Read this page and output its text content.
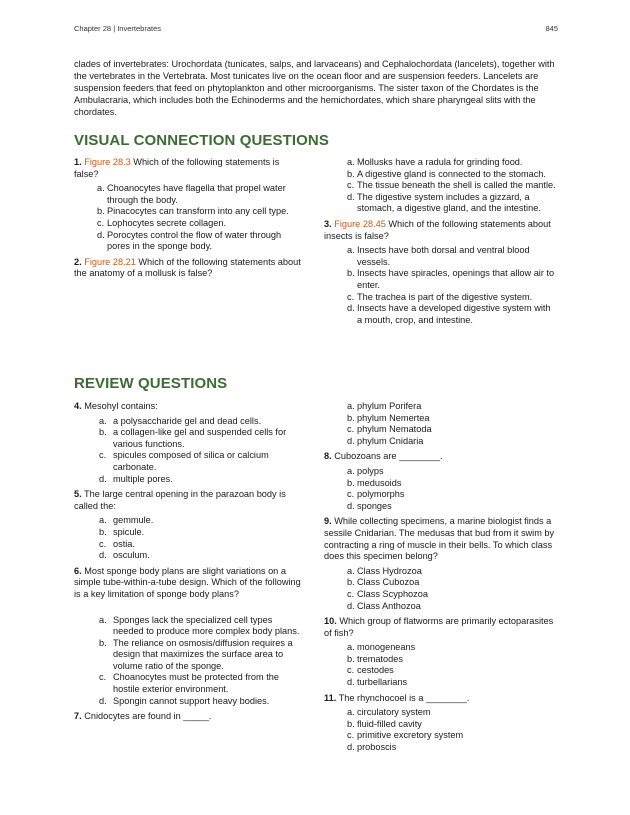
Chapter 28 | Invertebrates	845

clades of invertebrates: Urochordata (tunicates, salps, and larvaceans) and Cephalochordata (lancelets), together with the vertebrates in the Vertebrata. Most tunicates live on the ocean floor and are suspension feeders. Lancelets are suspension feeders that feed on phytoplankton and other microorganisms. The sister taxon of the Chordates is the Ambulacraria, which includes both the Echinoderms and the hemichordates, which share pharyngeal slits with the chordates.

VISUAL CONNECTION QUESTIONS

1. Figure 28.3 Which of the following statements is false?

a. Choanocytes have flagella that propel water through the body.
b. Pinacocytes can transform into any cell type.
c. Lophocytes secrete collagen.
d. Porocytes control the flow of water through pores in the sponge body.

2. Figure 28.21 Which of the following statements about the anatomy of a mollusk is false?

a. Mollusks have a radula for grinding food.
b. A digestive gland is connected to the stomach.
c. The tissue beneath the shell is called the mantle.
d. The digestive system includes a gizzard, a stomach, a digestive gland, and the intestine.

3. Figure 28.45 Which of the following statements about insects is false?

a. Insects have both dorsal and ventral blood vessels.
b. Insects have spiracles, openings that allow air to enter.
c. The trachea is part of the digestive system.
d. Insects have a developed digestive system with a mouth, crop, and intestine.
REVIEW QUESTIONS

4. Mesohyl contains:

a. a polysaccharide gel and dead cells.
b. a collagen-like gel and suspended cells for various functions.
c. spicules composed of silica or calcium carbonate.
d. multiple pores.

5. The large central opening in the parazoan body is called the:

a. gemmule.
b. spicule.
c. ostia.
d. osculum.

6. Most sponge body plans are slight variations on a simple tube-within-a-tube design. Which of the following is a key limitation of sponge body plans?

a. Sponges lack the specialized cell types needed to produce more complex body plans.
b. The reliance on osmosis/diffusion requires a design that maximizes the surface area to volume ratio of the sponge.
c. Choanocytes must be protected from the hostile exterior environment.
d. Spongin cannot support heavy bodies.

7. Cnidocytes are found in _____.

a. phylum Porifera
b. phylum Nemertea
c. phylum Nematoda
d. phylum Cnidaria

8. Cubozoans are ________.

a. polyps
b. medusoids
c. polymorphs
d. sponges

9. While collecting specimens, a marine biologist finds a sessile Cnidarian. The medusas that bud from it swim by contracting a ring of muscle in their bells. To which class does this specimen belong?

a. Class Hydrozoa
b. Class Cubozoa
c. Class Scyphozoa
d. Class Anthozoa

10. Which group of flatworms are primarily ectoparasites of fish?

a. monogeneans
b. trematodes
c. cestodes
d. turbellarians

11. The rhynchocoel is a ________.

a. circulatory system
b. fluid-filled cavity
c. primitive excretory system
d. proboscis
